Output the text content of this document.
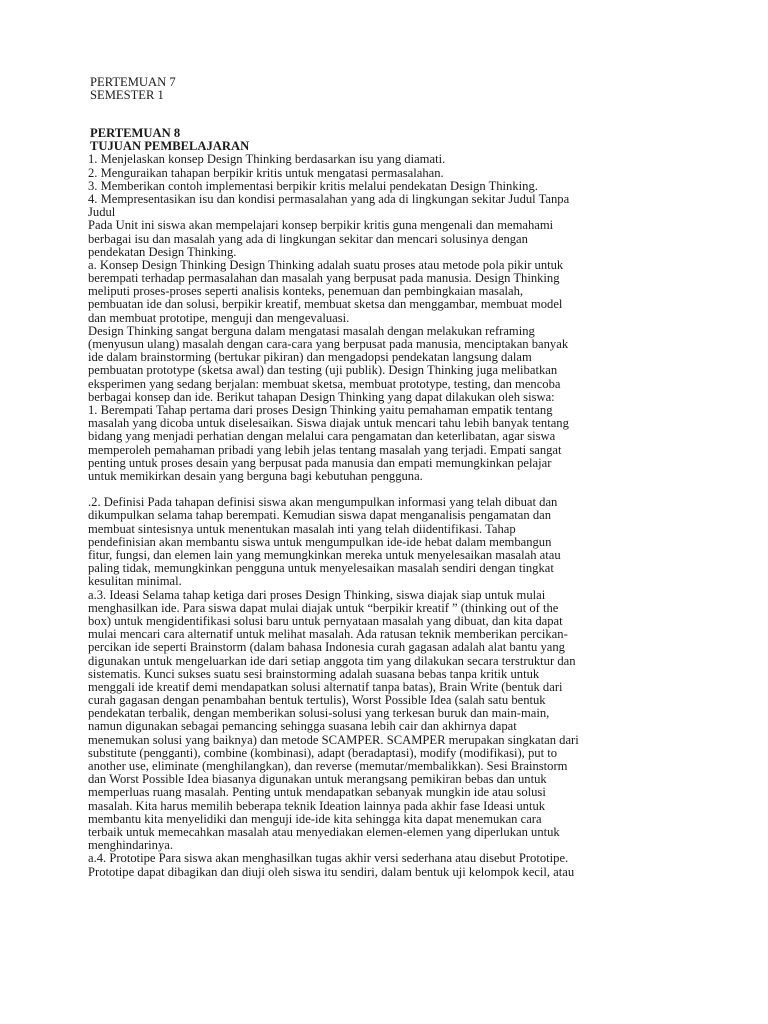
PERTEMUAN 7
SEMESTER 1
PERTEMUAN 8
TUJUAN PEMBELAJARAN
1. Menjelaskan konsep Design Thinking berdasarkan isu yang diamati.
2. Menguraikan tahapan berpikir kritis untuk mengatasi permasalahan.
3. Memberikan contoh implementasi berpikir kritis melalui pendekatan Design Thinking.
4. Mempresentasikan isu dan kondisi permasalahan yang ada di lingkungan sekitar Judul Tanpa
Judul
Pada Unit ini siswa akan mempelajari konsep berpikir kritis guna mengenali dan memahami
berbagai isu dan masalah yang ada di lingkungan sekitar dan mencari solusinya dengan
pendekatan Design Thinking.
a. Konsep Design Thinking Design Thinking adalah suatu proses atau metode pola pikir untuk
berempati terhadap permasalahan dan masalah yang berpusat pada manusia. Design Thinking
meliputi proses-proses seperti analisis konteks, penemuan dan pembingkaian masalah,
pembuatan ide dan solusi, berpikir kreatif, membuat sketsa dan menggambar, membuat model
dan membuat prototipe, menguji dan mengevaluasi.
Design Thinking sangat berguna dalam mengatasi masalah dengan melakukan reframing
(menyusun ulang) masalah dengan cara-cara yang berpusat pada manusia, menciptakan banyak
ide dalam brainstorming (bertukar pikiran) dan mengadopsi pendekatan langsung dalam
pembuatan prototype (sketsa awal) dan testing (uji publik). Design Thinking juga melibatkan
eksperimen yang sedang berjalan: membuat sketsa, membuat prototype, testing, dan mencoba
berbagai konsep dan ide. Berikut tahapan Design Thinking yang dapat dilakukan oleh siswa:
1. Berempati Tahap pertama dari proses Design Thinking yaitu pemahaman empatik tentang
masalah yang dicoba untuk diselesaikan. Siswa diajak untuk mencari tahu lebih banyak tentang
bidang yang menjadi perhatian dengan melalui cara pengamatan dan keterlibatan, agar siswa
memperoleh pemahaman pribadi yang lebih jelas tentang masalah yang terjadi. Empati sangat
penting untuk proses desain yang berpusat pada manusia dan empati memungkinkan pelajar
untuk memikirkan desain yang berguna bagi kebutuhan pengguna.
.2. Definisi Pada tahapan definisi siswa akan mengumpulkan informasi yang telah dibuat dan
dikumpulkan selama tahap berempati. Kemudian siswa dapat menganalisis pengamatan dan
membuat sintesisnya untuk menentukan masalah inti yang telah diidentifikasi. Tahap
pendefinisian akan membantu siswa untuk mengumpulkan ide-ide hebat dalam membangun
fitur, fungsi, dan elemen lain yang memungkinkan mereka untuk menyelesaikan masalah atau
paling tidak, memungkinkan pengguna untuk menyelesaikan masalah sendiri dengan tingkat
kesulitan minimal.
a.3. Ideasi Selama tahap ketiga dari proses Design Thinking, siswa diajak siap untuk mulai
menghasilkan ide. Para siswa dapat mulai diajak untuk “berpikir kreatif ” (thinking out of the
box) untuk mengidentifikasi solusi baru untuk pernyataan masalah yang dibuat, dan kita dapat
mulai mencari cara alternatif untuk melihat masalah. Ada ratusan teknik memberikan percikan-
percikan ide seperti Brainstorm (dalam bahasa Indonesia curah gagasan adalah alat bantu yang
digunakan untuk mengeluarkan ide dari setiap anggota tim yang dilakukan secara terstruktur dan
sistematis. Kunci sukses suatu sesi brainstorming adalah suasana bebas tanpa kritik untuk
menggali ide kreatif demi mendapatkan solusi alternatif tanpa batas), Brain Write (bentuk dari
curah gagasan dengan penambahan bentuk tertulis), Worst Possible Idea (salah satu bentuk
pendekatan terbalik, dengan memberikan solusi-solusi yang terkesan buruk dan main-main,
namun digunakan sebagai pemancing sehingga suasana lebih cair dan akhirnya dapat
menemukan solusi yang baiknya) dan metode SCAMPER. SCAMPER merupakan singkatan dari
substitute (pengganti), combine (kombinasi), adapt (beradaptasi), modify (modifikasi), put to
another use, eliminate (menghilangkan), dan reverse (memutar/membalikkan). Sesi Brainstorm
dan Worst Possible Idea biasanya digunakan untuk merangsang pemikiran bebas dan untuk
memperluas ruang masalah. Penting untuk mendapatkan sebanyak mungkin ide atau solusi
masalah. Kita harus memilih beberapa teknik Ideation lainnya pada akhir fase Ideasi untuk
membantu kita menyelidiki dan menguji ide-ide kita sehingga kita dapat menemukan cara
terbaik untuk memecahkan masalah atau menyediakan elemen-elemen yang diperlukan untuk
menghindarinya.
a.4. Prototipe Para siswa akan menghasilkan tugas akhir versi sederhana atau disebut Prototipe.
Prototipe dapat dibagikan dan diuji oleh siswa itu sendiri, dalam bentuk uji kelompok kecil, atau
